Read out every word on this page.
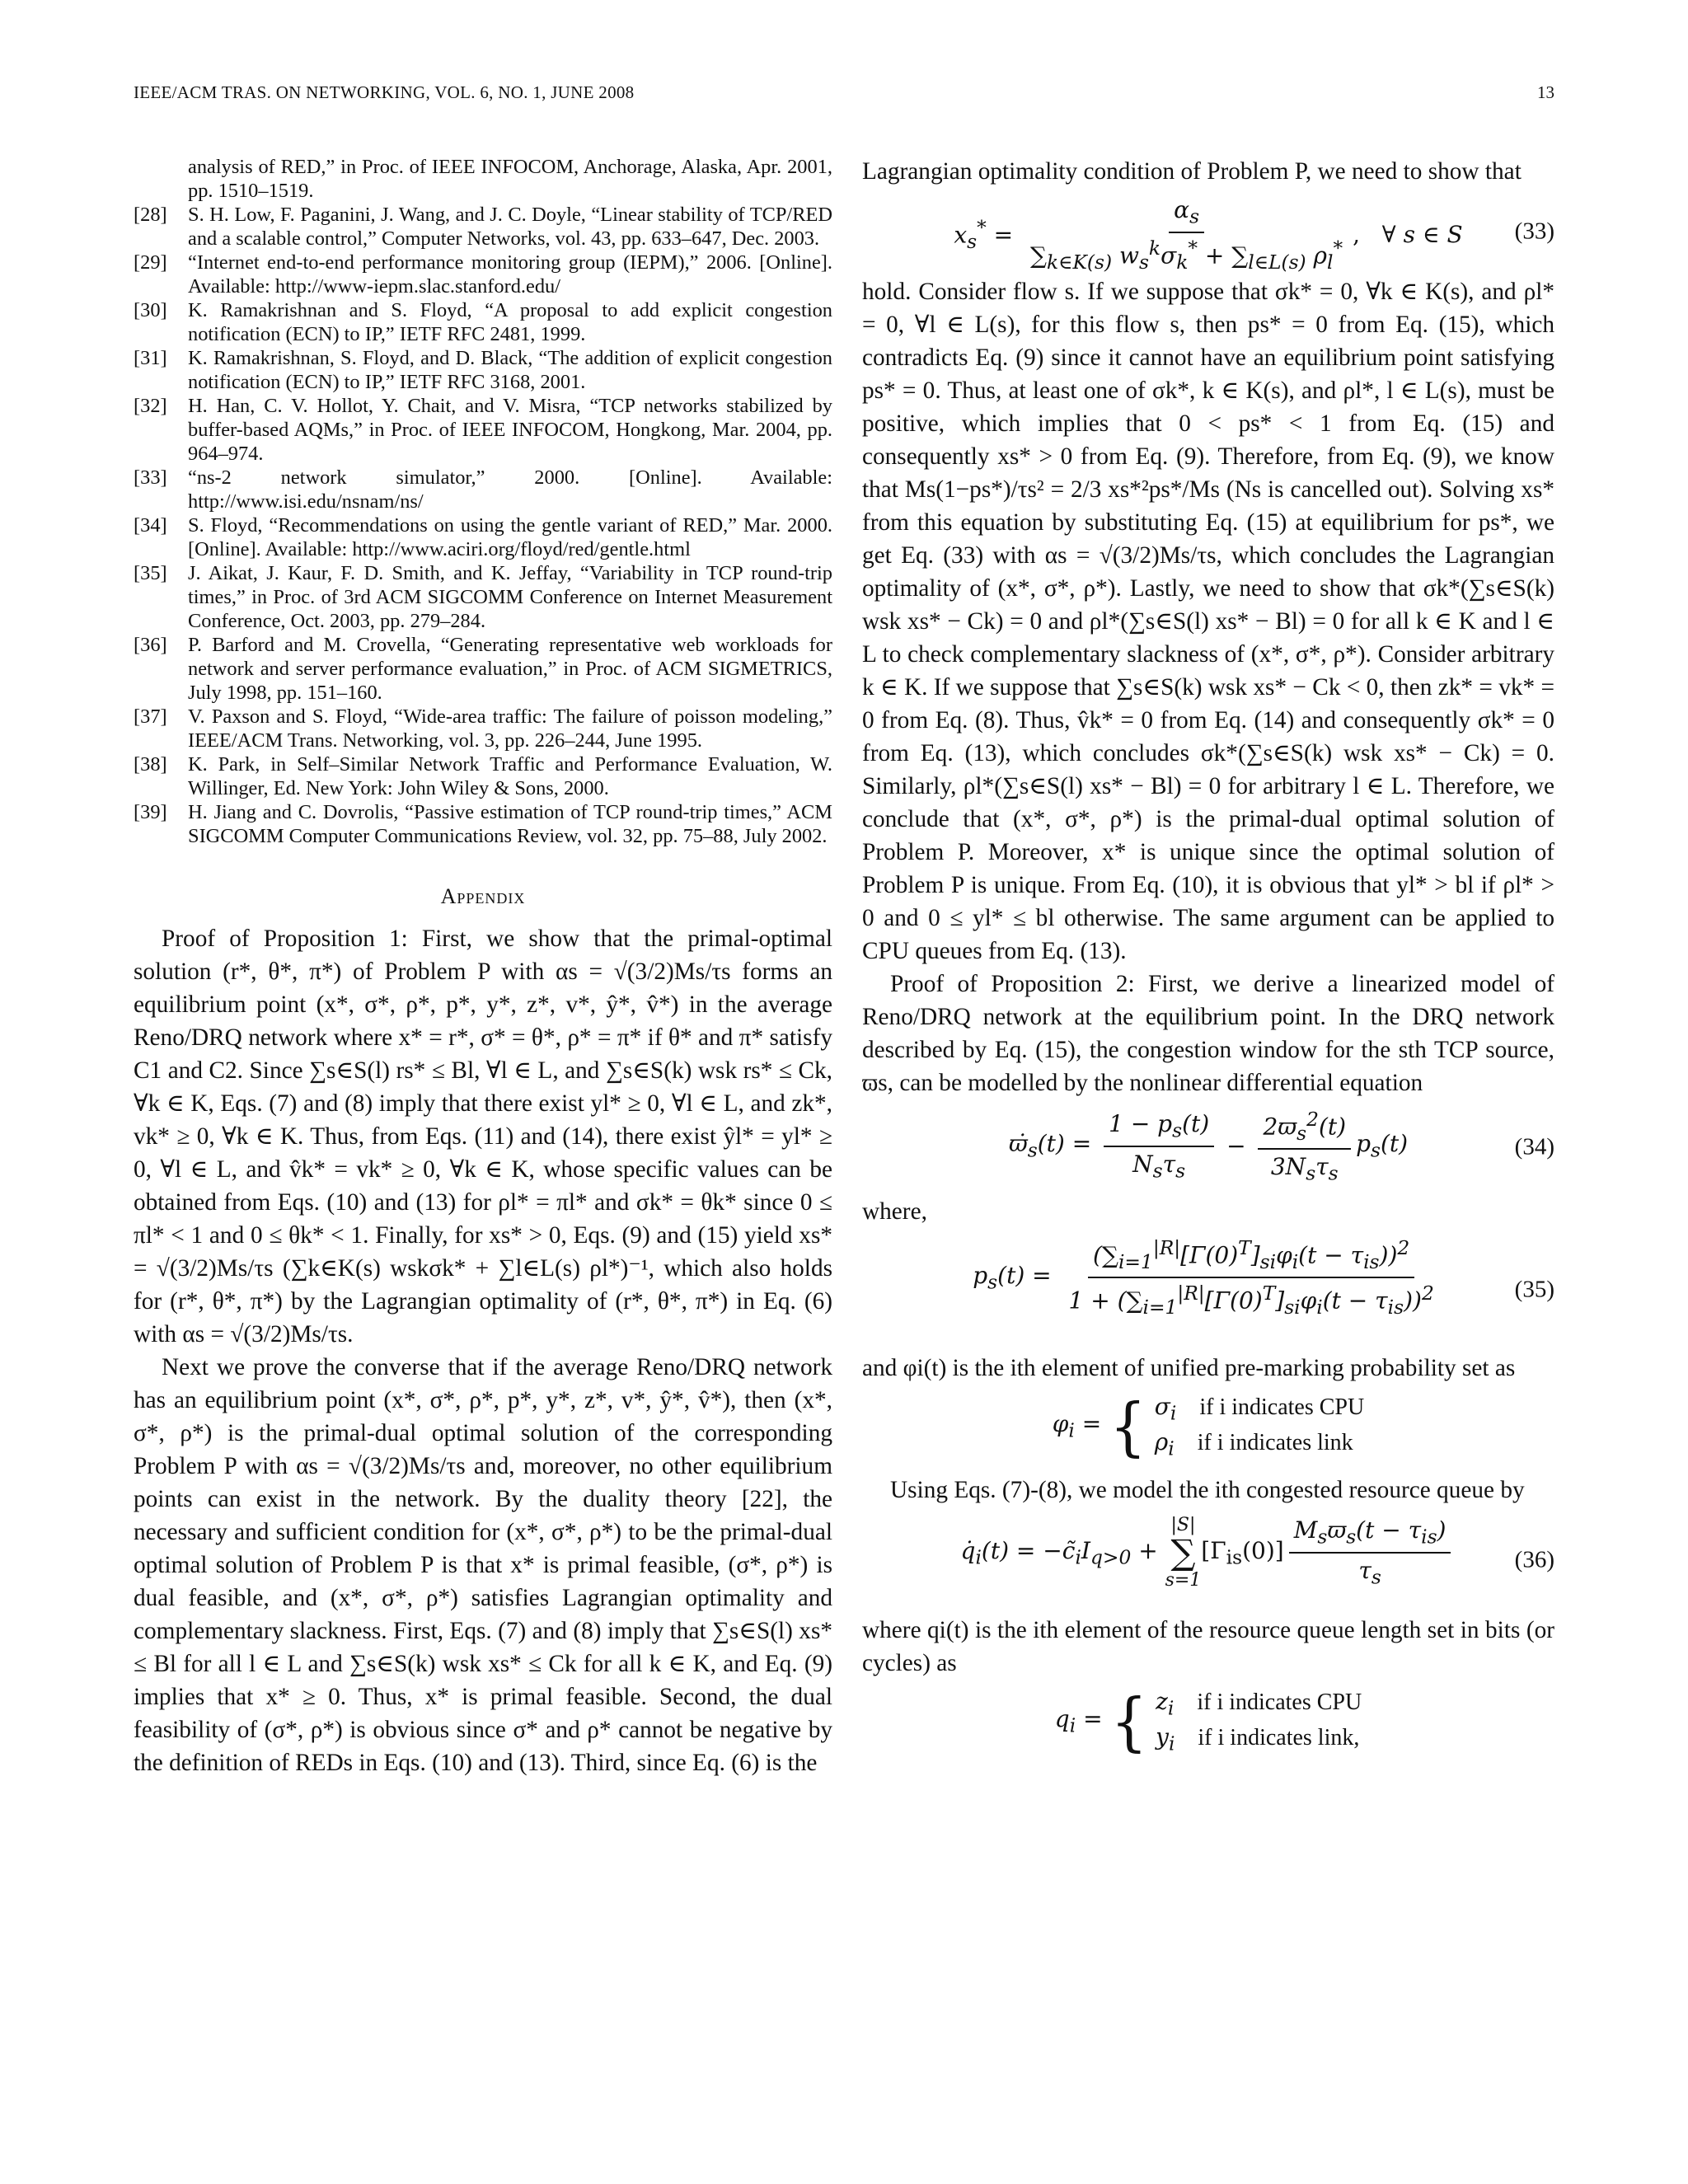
IEEE/ACM TRAS. ON NETWORKING, VOL. 6, NO. 1, JUNE 2008	13
analysis of RED,” in Proc. of IEEE INFOCOM, Anchorage, Alaska, Apr. 2001, pp. 1510–1519.
[28] S. H. Low, F. Paganini, J. Wang, and J. C. Doyle, “Linear stability of TCP/RED and a scalable control,” Computer Networks, vol. 43, pp. 633–647, Dec. 2003.
[29] “Internet end-to-end performance monitoring group (IEPM),” 2006. [Online]. Available: http://www-iepm.slac.stanford.edu/
[30] K. Ramakrishnan and S. Floyd, “A proposal to add explicit congestion notification (ECN) to IP,” IETF RFC 2481, 1999.
[31] K. Ramakrishnan, S. Floyd, and D. Black, “The addition of explicit congestion notification (ECN) to IP,” IETF RFC 3168, 2001.
[32] H. Han, C. V. Hollot, Y. Chait, and V. Misra, “TCP networks stabilized by buffer-based AQMs,” in Proc. of IEEE INFOCOM, Hongkong, Mar. 2004, pp. 964–974.
[33] “ns-2 network simulator,” 2000. [Online]. Available: http://www.isi.edu/nsnam/ns/
[34] S. Floyd, “Recommendations on using the gentle variant of RED,” Mar. 2000. [Online]. Available: http://www.aciri.org/floyd/red/gentle.html
[35] J. Aikat, J. Kaur, F. D. Smith, and K. Jeffay, “Variability in TCP round-trip times,” in Proc. of 3rd ACM SIGCOMM Conference on Internet Measurement Conference, Oct. 2003, pp. 279–284.
[36] P. Barford and M. Crovella, “Generating representative web workloads for network and server performance evaluation,” in Proc. of ACM SIGMETRICS, July 1998, pp. 151–160.
[37] V. Paxson and S. Floyd, “Wide-area traffic: The failure of poisson modeling,” IEEE/ACM Trans. Networking, vol. 3, pp. 226–244, June 1995.
[38] K. Park, in Self–Similar Network Traffic and Performance Evaluation, W. Willinger, Ed. New York: John Wiley & Sons, 2000.
[39] H. Jiang and C. Dovrolis, “Passive estimation of TCP round-trip times,” ACM SIGCOMM Computer Communications Review, vol. 32, pp. 75–88, July 2002.
Appendix

Proof of Proposition 1: First, we show that the primal-optimal solution (r*, θ*, π*) of Problem P with αs = √(3/2)Ms/τs forms an equilibrium point (x*, σ*, ρ*, p*, y*, z*, v*, ŷ*, v̂*) in the average Reno/DRQ network where x* = r*, σ* = θ*, ρ* = π* if θ* and π* satisfy C1 and C2. Since ∑s∈S(l) rs* ≤ Bl, ∀l ∈ L, and ∑s∈S(k) wsk rs* ≤ Ck, ∀k ∈ K, Eqs. (7) and (8) imply that there exist yl* ≥ 0, ∀l ∈ L, and zk*, vk* ≥ 0, ∀k ∈ K. Thus, from Eqs. (11) and (14), there exist ŷl* = yl* ≥ 0, ∀l ∈ L, and v̂k* = vk* ≥ 0, ∀k ∈ K, whose specific values can be obtained from Eqs. (10) and (13) for ρl* = πl* and σk* = θk* since 0 ≤ πl* < 1 and 0 ≤ θk* < 1. Finally, for xs* > 0, Eqs. (9) and (15) yield xs* = √(3/2)Ms/τs (∑k∈K(s) wskσk* + ∑l∈L(s) ρl*)⁻¹, which also holds for (r*, θ*, π*) by the Lagrangian optimality of (r*, θ*, π*) in Eq. (6) with αs = √(3/2)Ms/τs.

Next we prove the converse that if the average Reno/DRQ network has an equilibrium point (x*, σ*, ρ*, p*, y*, z*, v*, ŷ*, v̂*), then (x*, σ*, ρ*) is the primal-dual optimal solution of the corresponding Problem P with αs = √(3/2)Ms/τs and, moreover, no other equilibrium points can exist in the network. By the duality theory [22], the necessary and sufficient condition for (x*, σ*, ρ*) to be the primal-dual optimal solution of Problem P is that x* is primal feasible, (σ*, ρ*) is dual feasible, and (x*, σ*, ρ*) satisfies Lagrangian optimality and complementary slackness. First, Eqs. (7) and (8) imply that ∑s∈S(l) xs* ≤ Bl for all l ∈ L and ∑s∈S(k) wsk xs* ≤ Ck for all k ∈ K, and Eq. (9) implies that x* ≥ 0. Thus, x* is primal feasible. Second, the dual feasibility of (σ*, ρ*) is obvious since σ* and ρ* cannot be negative by the definition of REDs in Eqs. (10) and (13). Third, since Eq. (6) is the

Lagrangian optimality condition of Problem P, we need to show that

$x_s^* = \frac{\alpha_s}{\sum_{k\in K(s)} w_s^k\sigma_k^* + \sum_{l\in L(s)} \rho_l^*}$ ,   ∀ s ∈ S (33)

hold. Consider flow s. If we suppose that σk* = 0, ∀k ∈ K(s), and ρl* = 0, ∀l ∈ L(s), for this flow s, then ps* = 0 from Eq. (15), which contradicts Eq. (9) since it cannot have an equilibrium point satisfying ps* = 0. Thus, at least one of σk*, k ∈ K(s), and ρl*, l ∈ L(s), must be positive, which implies that 0 < ps* < 1 from Eq. (15) and consequently xs* > 0 from Eq. (9). Therefore, from Eq. (9), we know that Ms(1−ps*)/τs² = 2/3 xs*²ps*/Ms (Ns is cancelled out). Solving xs* from this equation by substituting Eq. (15) at equilibrium for ps*, we get Eq. (33) with αs = √(3/2)Ms/τs, which concludes the Lagrangian optimality of (x*, σ*, ρ*). Lastly, we need to show that σk*(∑s∈S(k) wsk xs* − Ck) = 0 and ρl*(∑s∈S(l) xs* − Bl) = 0 for all k ∈ K and l ∈ L to check complementary slackness of (x*, σ*, ρ*). Consider arbitrary k ∈ K. If we suppose that ∑s∈S(k) wsk xs* − Ck < 0, then zk* = vk* = 0 from Eq. (8). Thus, v̂k* = 0 from Eq. (14) and consequently σk* = 0 from Eq. (13), which concludes σk*(∑s∈S(k) wsk xs* − Ck) = 0. Similarly, ρl*(∑s∈S(l) xs* − Bl) = 0 for arbitrary l ∈ L. Therefore, we conclude that (x*, σ*, ρ*) is the primal-dual optimal solution of Problem P. Moreover, x* is unique since the optimal solution of Problem P is unique. From Eq. (10), it is obvious that yl* > bl if ρl* > 0 and 0 ≤ yl* ≤ bl otherwise. The same argument can be applied to CPU queues from Eq. (13).

Proof of Proposition 2: First, we derive a linearized model of Reno/DRQ network at the equilibrium point. In the DRQ network described by Eq. (15), the congestion window for the sth TCP source, ϖs, can be modelled by the nonlinear differential equation

$ϖ̇_s(t) = \frac{1 - p_s(t)}{N_s\tau_s} - \frac{2ϖ_s^2(t)}{3N_s\tau_s} p_s(t)$	(34)

where,

$p_s(t) = \frac{(\sum_{i=1}^{|R|}[\Gamma(0)^T]_{si}\varphi_i(t - \tau_{is}))^2}{1 + (\sum_{i=1}^{|R|}[\Gamma(0)^T]_{si}\varphi_i(t - \tau_{is}))^2}$	(35)

and φi(t) is the ith element of unified pre-marking probability set as

$\varphi_i$ = { $\sigma_i$ if i indicates CPU
$\rho_i$ if i indicates link

Using Eqs. (7)-(8), we model the ith congested resource queue by

$q̇_i(t)$ = $-c̃_iI_{q>0}$ +
|S|
∑
s=1
$[\Gamma_{is}(0)] \frac{M_sϖ_s(t - \tau_{is})}{\tau_s}$	(36)

where qi(t) is the ith element of the resource queue length set in bits (or cycles) as

$q_i$ = { $z_i$ if i indicates CPU
$y_i$ if i indicates link,
